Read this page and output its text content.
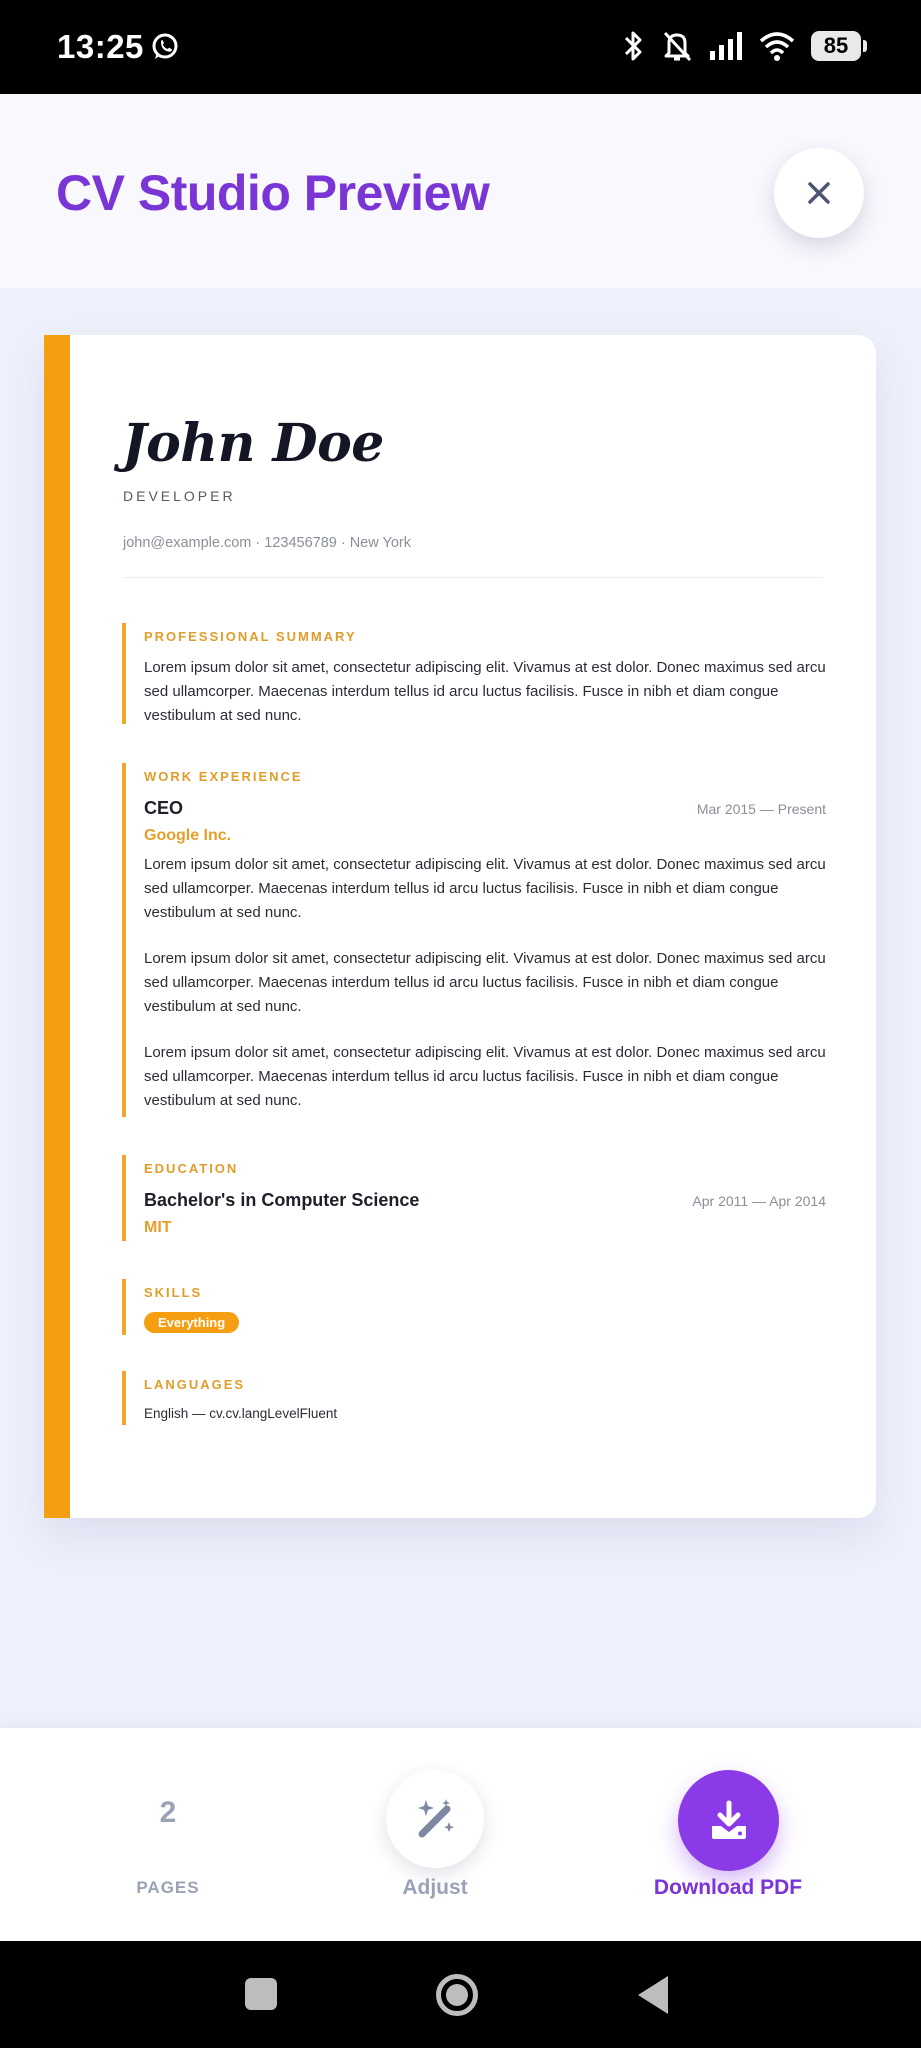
13:25	85
CV Studio Preview
John Doe
DEVELOPER
john@example.com · 123456789 · New York
PROFESSIONAL SUMMARY
Lorem ipsum dolor sit amet, consectetur adipiscing elit. Vivamus at est dolor. Donec maximus sed arcu sed ullamcorper. Maecenas interdum tellus id arcu luctus facilisis. Fusce in nibh et diam congue vestibulum at sed nunc.
WORK EXPERIENCE
CEO	Mar 2015 — Present
Google Inc.
Lorem ipsum dolor sit amet, consectetur adipiscing elit. Vivamus at est dolor. Donec maximus sed arcu sed ullamcorper. Maecenas interdum tellus id arcu luctus facilisis. Fusce in nibh et diam congue vestibulum at sed nunc.
Lorem ipsum dolor sit amet, consectetur adipiscing elit. Vivamus at est dolor. Donec maximus sed arcu sed ullamcorper. Maecenas interdum tellus id arcu luctus facilisis. Fusce in nibh et diam congue vestibulum at sed nunc.
Lorem ipsum dolor sit amet, consectetur adipiscing elit. Vivamus at est dolor. Donec maximus sed arcu sed ullamcorper. Maecenas interdum tellus id arcu luctus facilisis. Fusce in nibh et diam congue vestibulum at sed nunc.
EDUCATION
Bachelor's in Computer Science	Apr 2011 — Apr 2014
MIT
SKILLS
Everything
LANGUAGES
English — cv.cv.langLevelFluent
2
PAGES	Adjust	Download PDF
